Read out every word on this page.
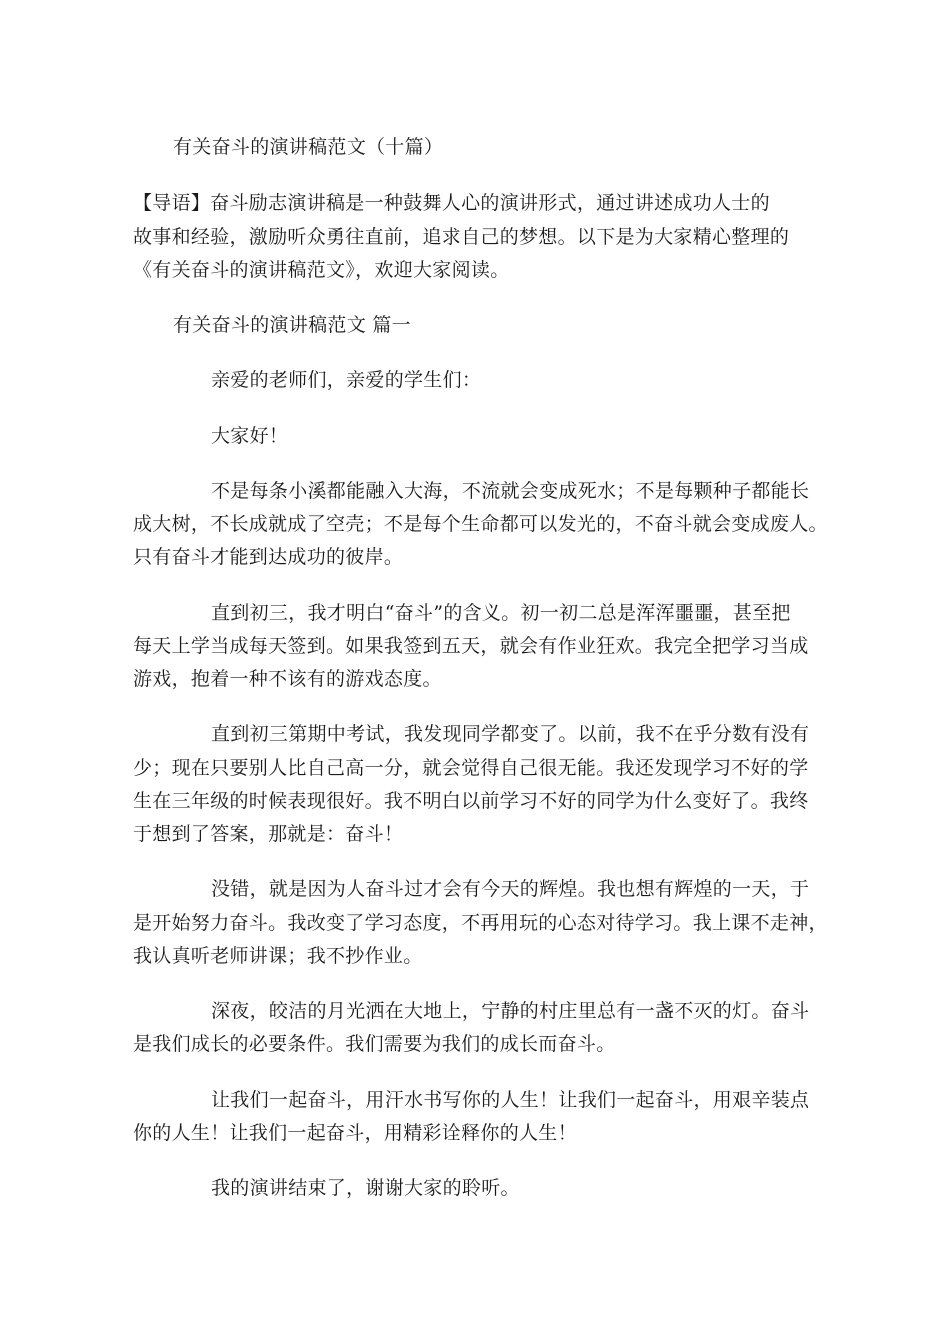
有关奋斗的演讲稿范文（十篇）
【导语】奋斗励志演讲稿是一种鼓舞人心的演讲形式，通过讲述成功人士的
故事和经验，激励听众勇往直前，追求自己的梦想。以下是为大家精心整理的
《有关奋斗的演讲稿范文》，欢迎大家阅读。
有关奋斗的演讲稿范文 篇一
亲爱的老师们，亲爱的学生们：
大家好！
不是每条小溪都能融入大海，不流就会变成死水；不是每颗种子都能长
成大树，不长成就成了空壳；不是每个生命都可以发光的，不奋斗就会变成废人。
只有奋斗才能到达成功的彼岸。
直到初三，我才明白“奋斗”的含义。初一初二总是浑浑噩噩，甚至把
每天上学当成每天签到。如果我签到五天，就会有作业狂欢。我完全把学习当成
游戏，抱着一种不该有的游戏态度。
直到初三第期中考试，我发现同学都变了。以前，我不在乎分数有没有
少；现在只要别人比自己高一分，就会觉得自己很无能。我还发现学习不好的学
生在三年级的时候表现很好。我不明白以前学习不好的同学为什么变好了。我终
于想到了答案，那就是：奋斗！
没错，就是因为人奋斗过才会有今天的辉煌。我也想有辉煌的一天，于
是开始努力奋斗。我改变了学习态度，不再用玩的心态对待学习。我上课不走神，
我认真听老师讲课；我不抄作业。
深夜，皎洁的月光洒在大地上，宁静的村庄里总有一盏不灭的灯。奋斗
是我们成长的必要条件。我们需要为我们的成长而奋斗。
让我们一起奋斗，用汗水书写你的人生！让我们一起奋斗，用艰辛装点
你的人生！让我们一起奋斗，用精彩诠释你的人生！
我的演讲结束了，谢谢大家的聆听。
